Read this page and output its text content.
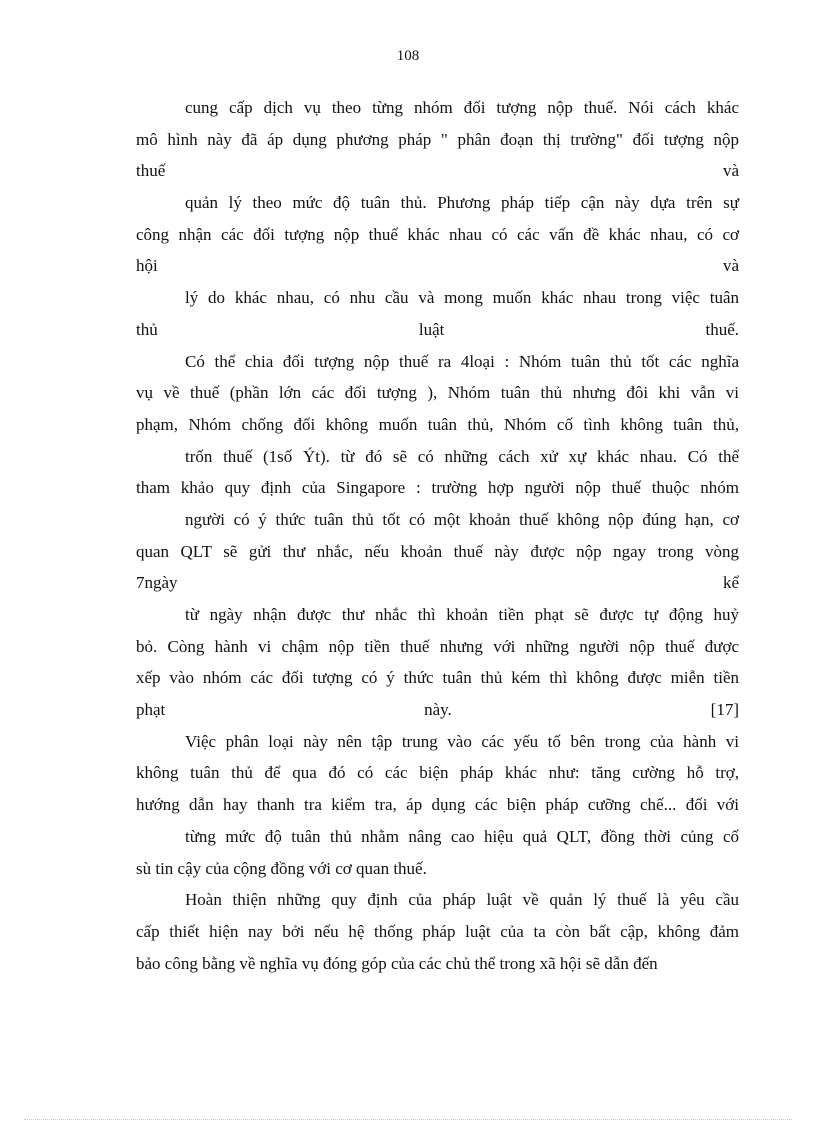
108
cung cấp dịch vụ theo từng nhóm đối tượng nộp thuế. Nói cách khác
mô hình này đã áp dụng phương pháp " phân đoạn thị trường" đối tượng nộp
thuế và
quản lý theo mức độ tuân thủ. Phương pháp tiếp cận này dựa trên sự
công nhận các đối tượng nộp thuế khác nhau có các vấn đề khác nhau, có cơ
hội và
lý do khác nhau, có nhu cầu và mong muốn khác nhau trong việc tuân
thủ luật thuế.
Có thể chia đối tượng nộp thuế ra 4loại : Nhóm tuân thủ tốt các nghĩa
vụ về thuế (phần lớn các đối tượng ), Nhóm tuân thủ nhưng đôi khi vẫn vi
phạm, Nhóm chống đối không muốn tuân thủ, Nhóm cố tình không tuân thủ,
trốn thuế (1số Ýt). từ đó sẽ có những cách xử xự khác nhau. Có thể
tham khảo quy định của Singapore : trường hợp người nộp thuế thuộc nhóm
người có ý thức tuân thủ tốt có một khoản thuế không nộp đúng hạn, cơ
quan QLT sẽ gửi thư nhắc, nếu khoản thuế này được nộp ngay trong vòng
7ngày kể
từ ngày nhận được thư nhắc thì khoản tiền phạt sẽ được tự động huỷ
bỏ. Còng hành vi chậm nộp tiền thuế nhưng với những người nộp thuế được
xếp vào nhóm các đối tượng có ý thức tuân thủ kém thì không được miễn tiền
phạt này. [17]
Việc phân loại này nên tập trung vào các yếu tố bên trong của hành vi
không tuân thủ để qua đó có các biện pháp khác như: tăng cường hỗ trợ,
hướng dẫn hay thanh tra kiểm tra, áp dụng các biện pháp cưỡng chế... đối với
từng mức độ tuân thủ nhằm nâng cao hiệu quả QLT, đồng thời củng cố
sù tin cậy của cộng đồng với cơ quan thuế.
Hoàn thiện những quy định của pháp luật về quản lý thuế là yêu cầu
cấp thiết hiện nay bởi nếu hệ thống pháp luật của ta còn bất cập, không đảm
bảo công bằng về nghĩa vụ đóng góp của các chủ thể trong xã hội sẽ dẫn đến
